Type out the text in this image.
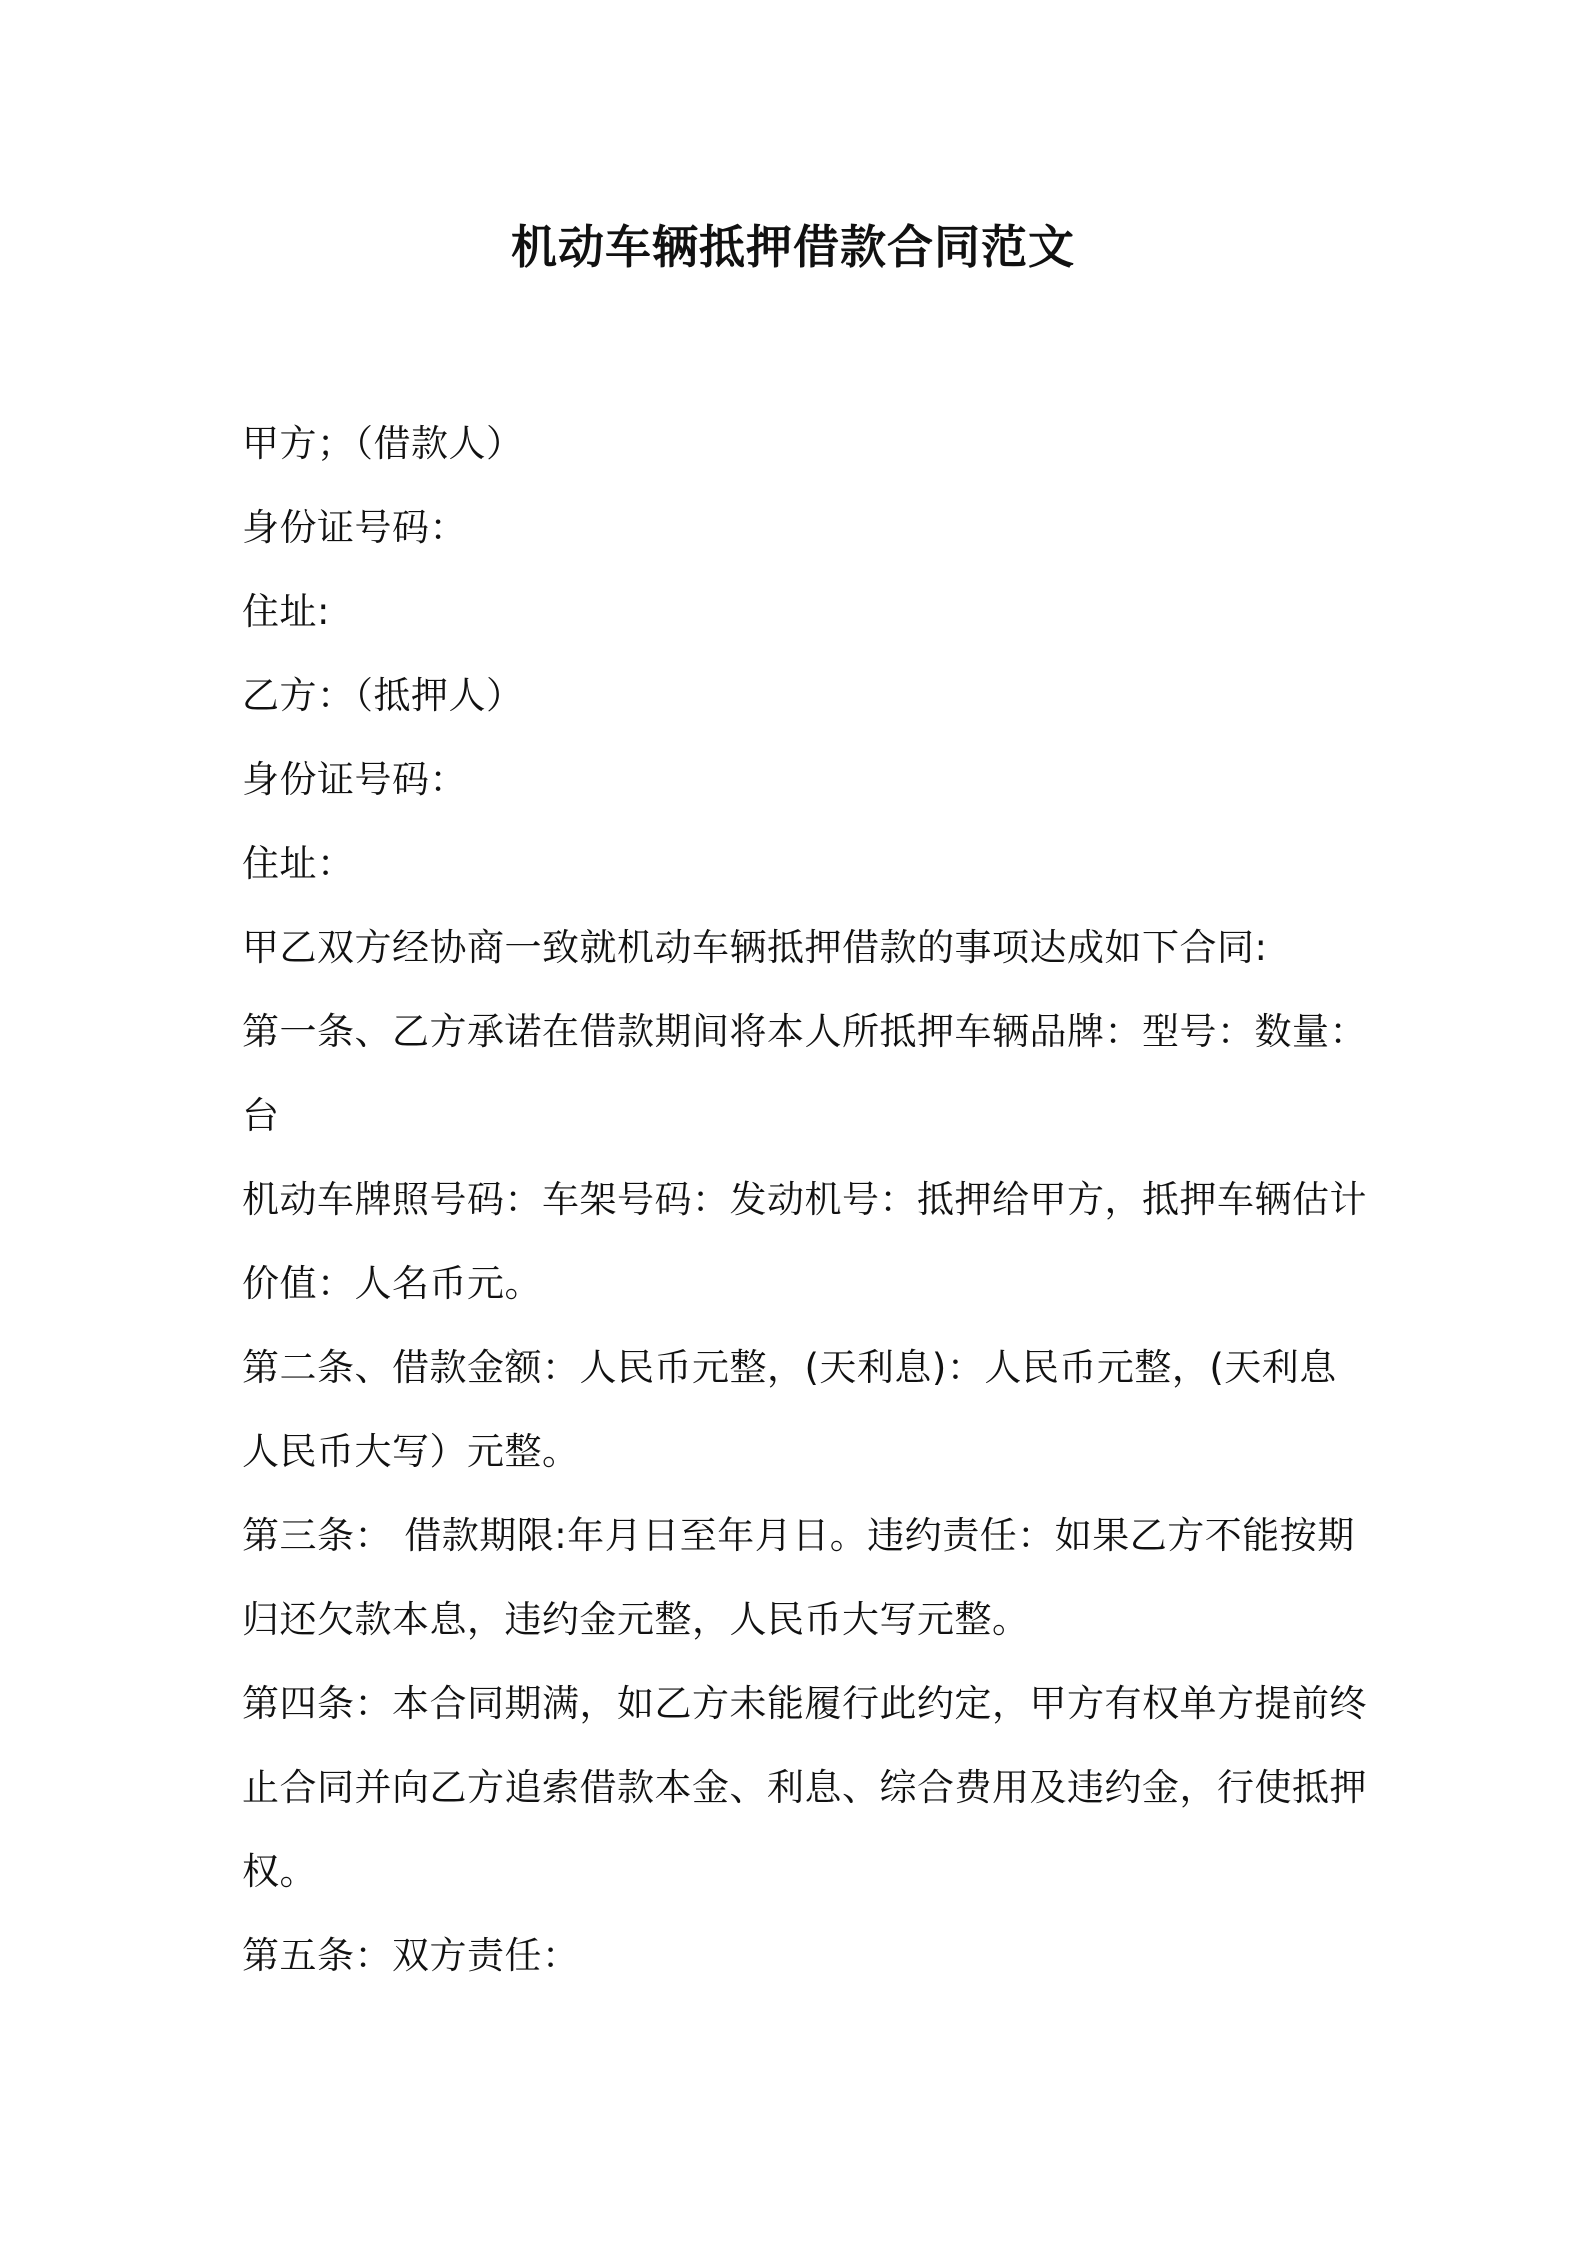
机动车辆抵押借款合同范文
甲方；（借款人）
身份证号码：
住址:
乙方：（抵押人）
身份证号码：
住址：
甲乙双方经协商一致就机动车辆抵押借款的事项达成如下合同:
第一条、乙方承诺在借款期间将本人所抵押车辆品牌：型号：数量：
台
机动车牌照号码：车架号码：发动机号：抵押给甲方，抵押车辆估计
价值：人名币元。
第二条、借款金额：人民币元整，(天利息)：人民币元整，(天利息
人民币大写）元整。
第三条： 借款期限:年月日至年月日。违约责任：如果乙方不能按期
归还欠款本息，违约金元整，人民币大写元整。
第四条：本合同期满，如乙方未能履行此约定，甲方有权单方提前终
止合同并向乙方追索借款本金、利息、综合费用及违约金，行使抵押
权。
第五条：双方责任：
